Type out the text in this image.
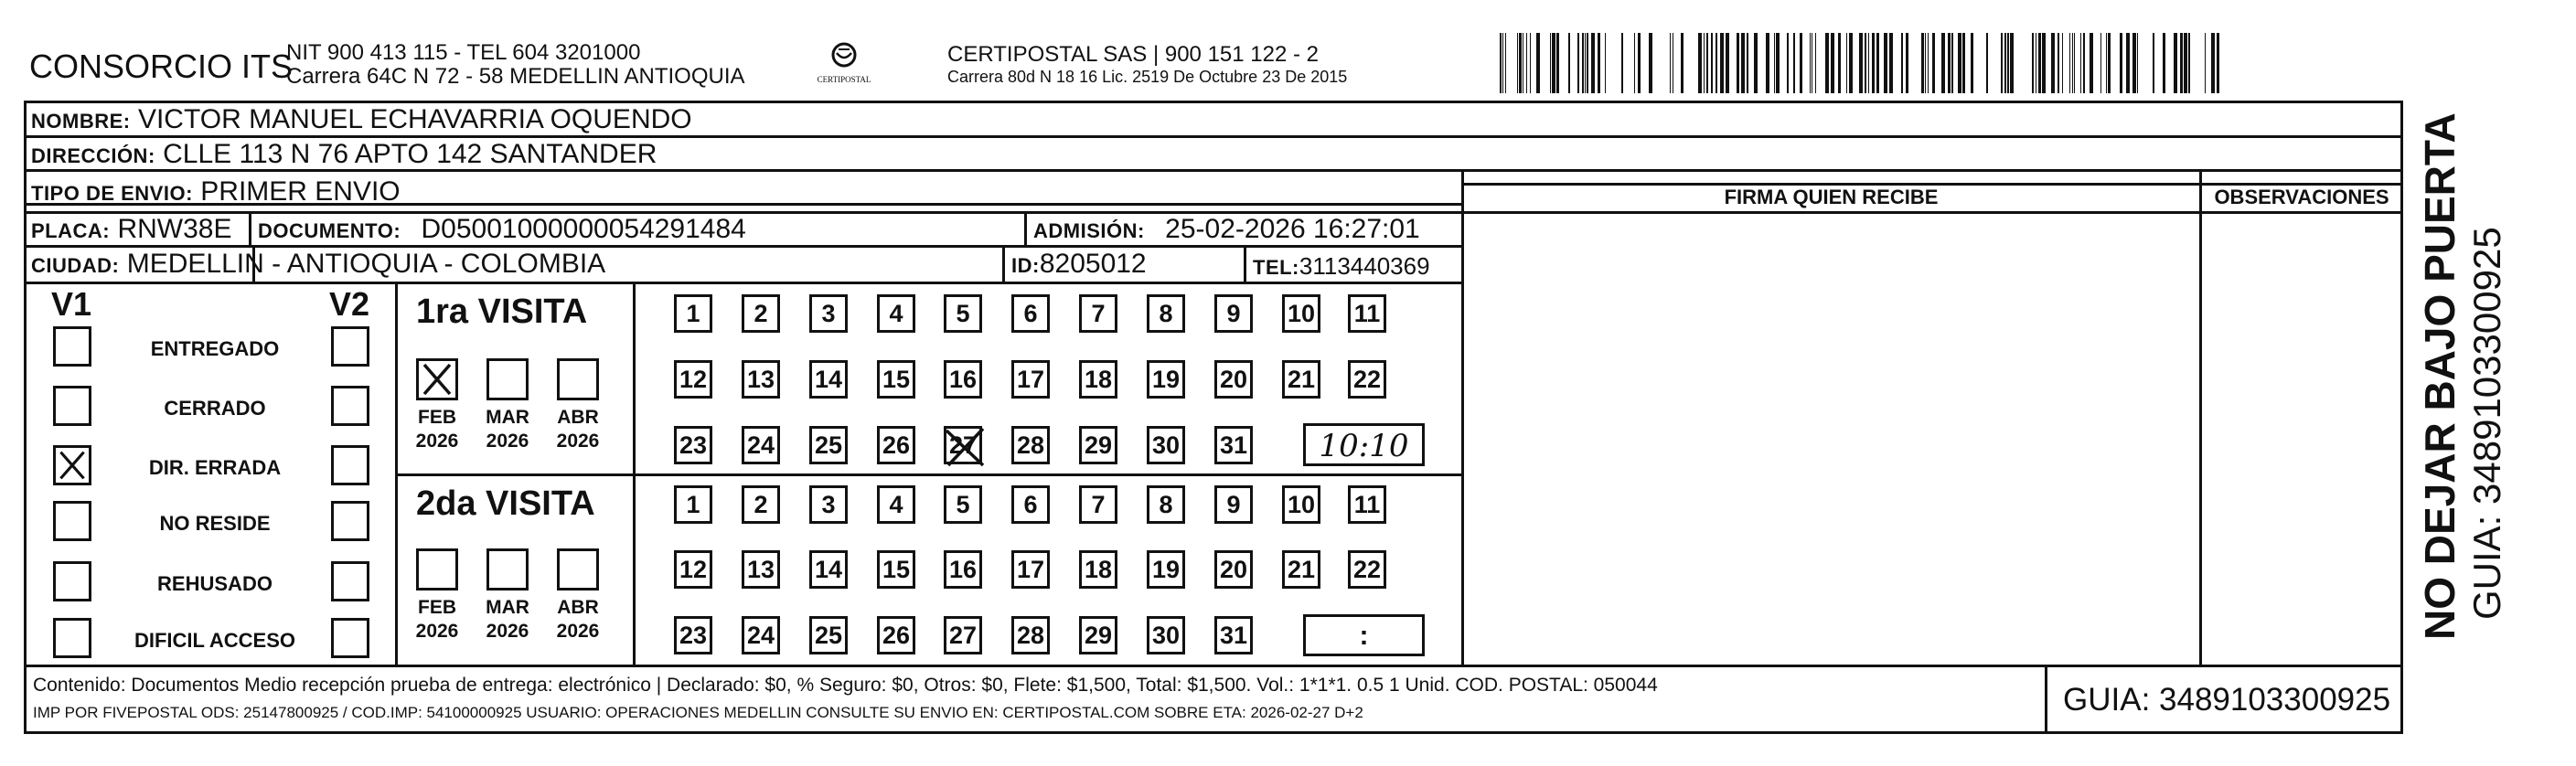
CONSORCIO ITS
NIT 900 413 115 - TEL 604 3201000
Carrera 64C N 72 - 58 MEDELLIN ANTIOQUIA	CERTIPOSTAL
CERTIPOSTAL SAS | 900 151 122 - 2
Carrera 80d N 18 16 Lic. 2519 De Octubre 23 De 2015
NOMBRE: VICTOR MANUEL ECHAVARRIA OQUENDO
DIRECCIÓN: CLLE 113 N 76 APTO 142 SANTANDER
TIPO DE ENVIO: PRIMER ENVIO	FIRMA QUIEN RECIBE	OBSERVACIONES
PLACA: RNW38E DOCUMENTO: D05001000000054291484	ADMISIÓN: 25-02-2026 16:27:01
CIUDAD: MEDELLIN - ANTIOQUIA - COLOMBIA	ID:8205012	TEL:3113440369
V1	V2
ENTREGADO
CERRADO
DIR. ERRADA
NO RESIDE
REHUSADO
DIFICIL ACCESO
1ra VISITA
2da VISITA
FEB
2026
MAR
2026
ABR
2026
FEB
2026
MAR
2026
ABR
2026
1	2	3	4	5	6	7	8	9	10 11
12 13 14 15 16 17 18 19 20 21 22
23 24 25 26 27 28 29 30 31
1	2	3	4	5	6	7	8	9	10 11
12 13 14 15 16 17 18 19 20 21 22
23 24 25 26 27 28 29 30 31
10:10
:
Contenido: Documentos Medio recepción prueba de entrega: electrónico | Declarado: $0, % Seguro: $0, Otros: $0, Flete: $1,500, Total: $1,500. Vol.: 1*1*1. 0.5 1 Unid. COD. POSTAL: 050044
IMP POR FIVEPOSTAL ODS: 25147800925 / COD.IMP: 54100000925 USUARIO: OPERACIONES MEDELLIN CONSULTE SU ENVIO EN: CERTIPOSTAL.COM SOBRE ETA: 2026-02-27 D+2	GUIA: 3489103300925
NO DEJAR BAJO PUERTA GUIA: 3489103300925
